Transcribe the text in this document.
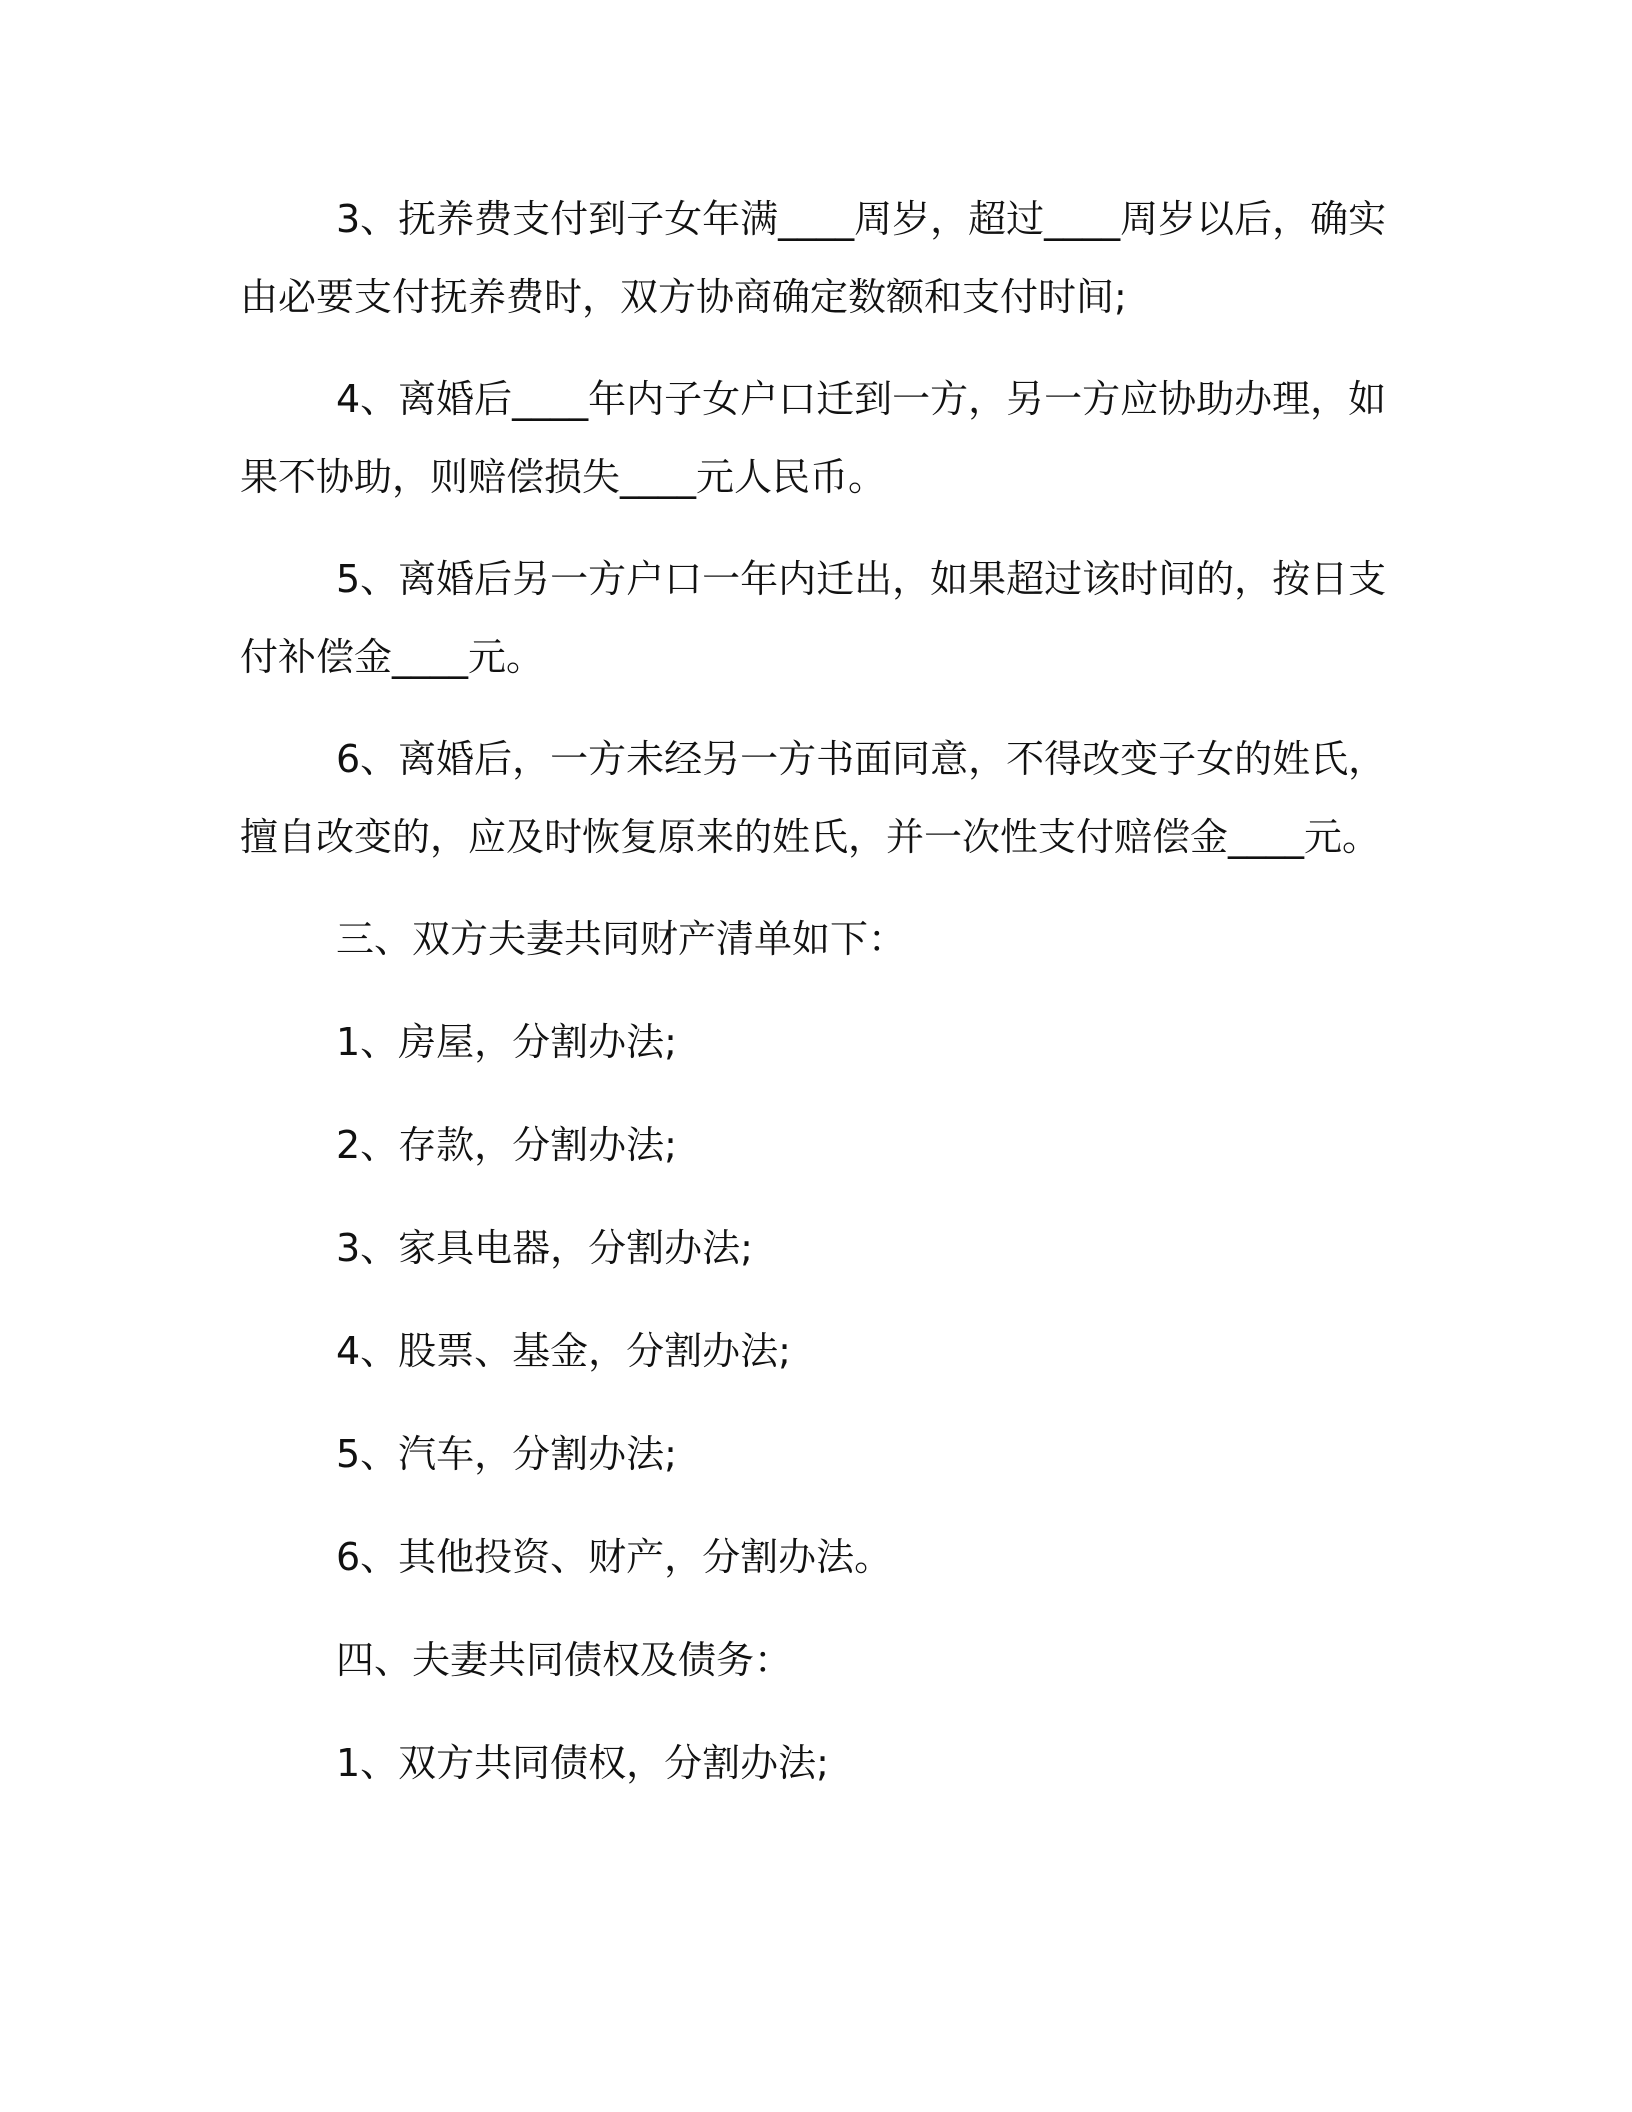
3、抚养费支付到子女年满____周岁，超过____周岁以后，确实由必要支付抚养费时，双方协商确定数额和支付时间;

4、离婚后____年内子女户口迁到一方，另一方应协助办理，如果不协助，则赔偿损失____元人民币。

5、离婚后另一方户口一年内迁出，如果超过该时间的，按日支付补偿金____元。

6、离婚后，一方未经另一方书面同意，不得改变子女的姓氏，擅自改变的，应及时恢复原来的姓氏，并一次性支付赔偿金____元。

三、双方夫妻共同财产清单如下：

1、房屋，分割办法;

2、存款，分割办法;

3、家具电器，分割办法;

4、股票、基金，分割办法;

5、汽车，分割办法;

6、其他投资、财产，分割办法。

四、夫妻共同债权及债务：

1、双方共同债权，分割办法;
